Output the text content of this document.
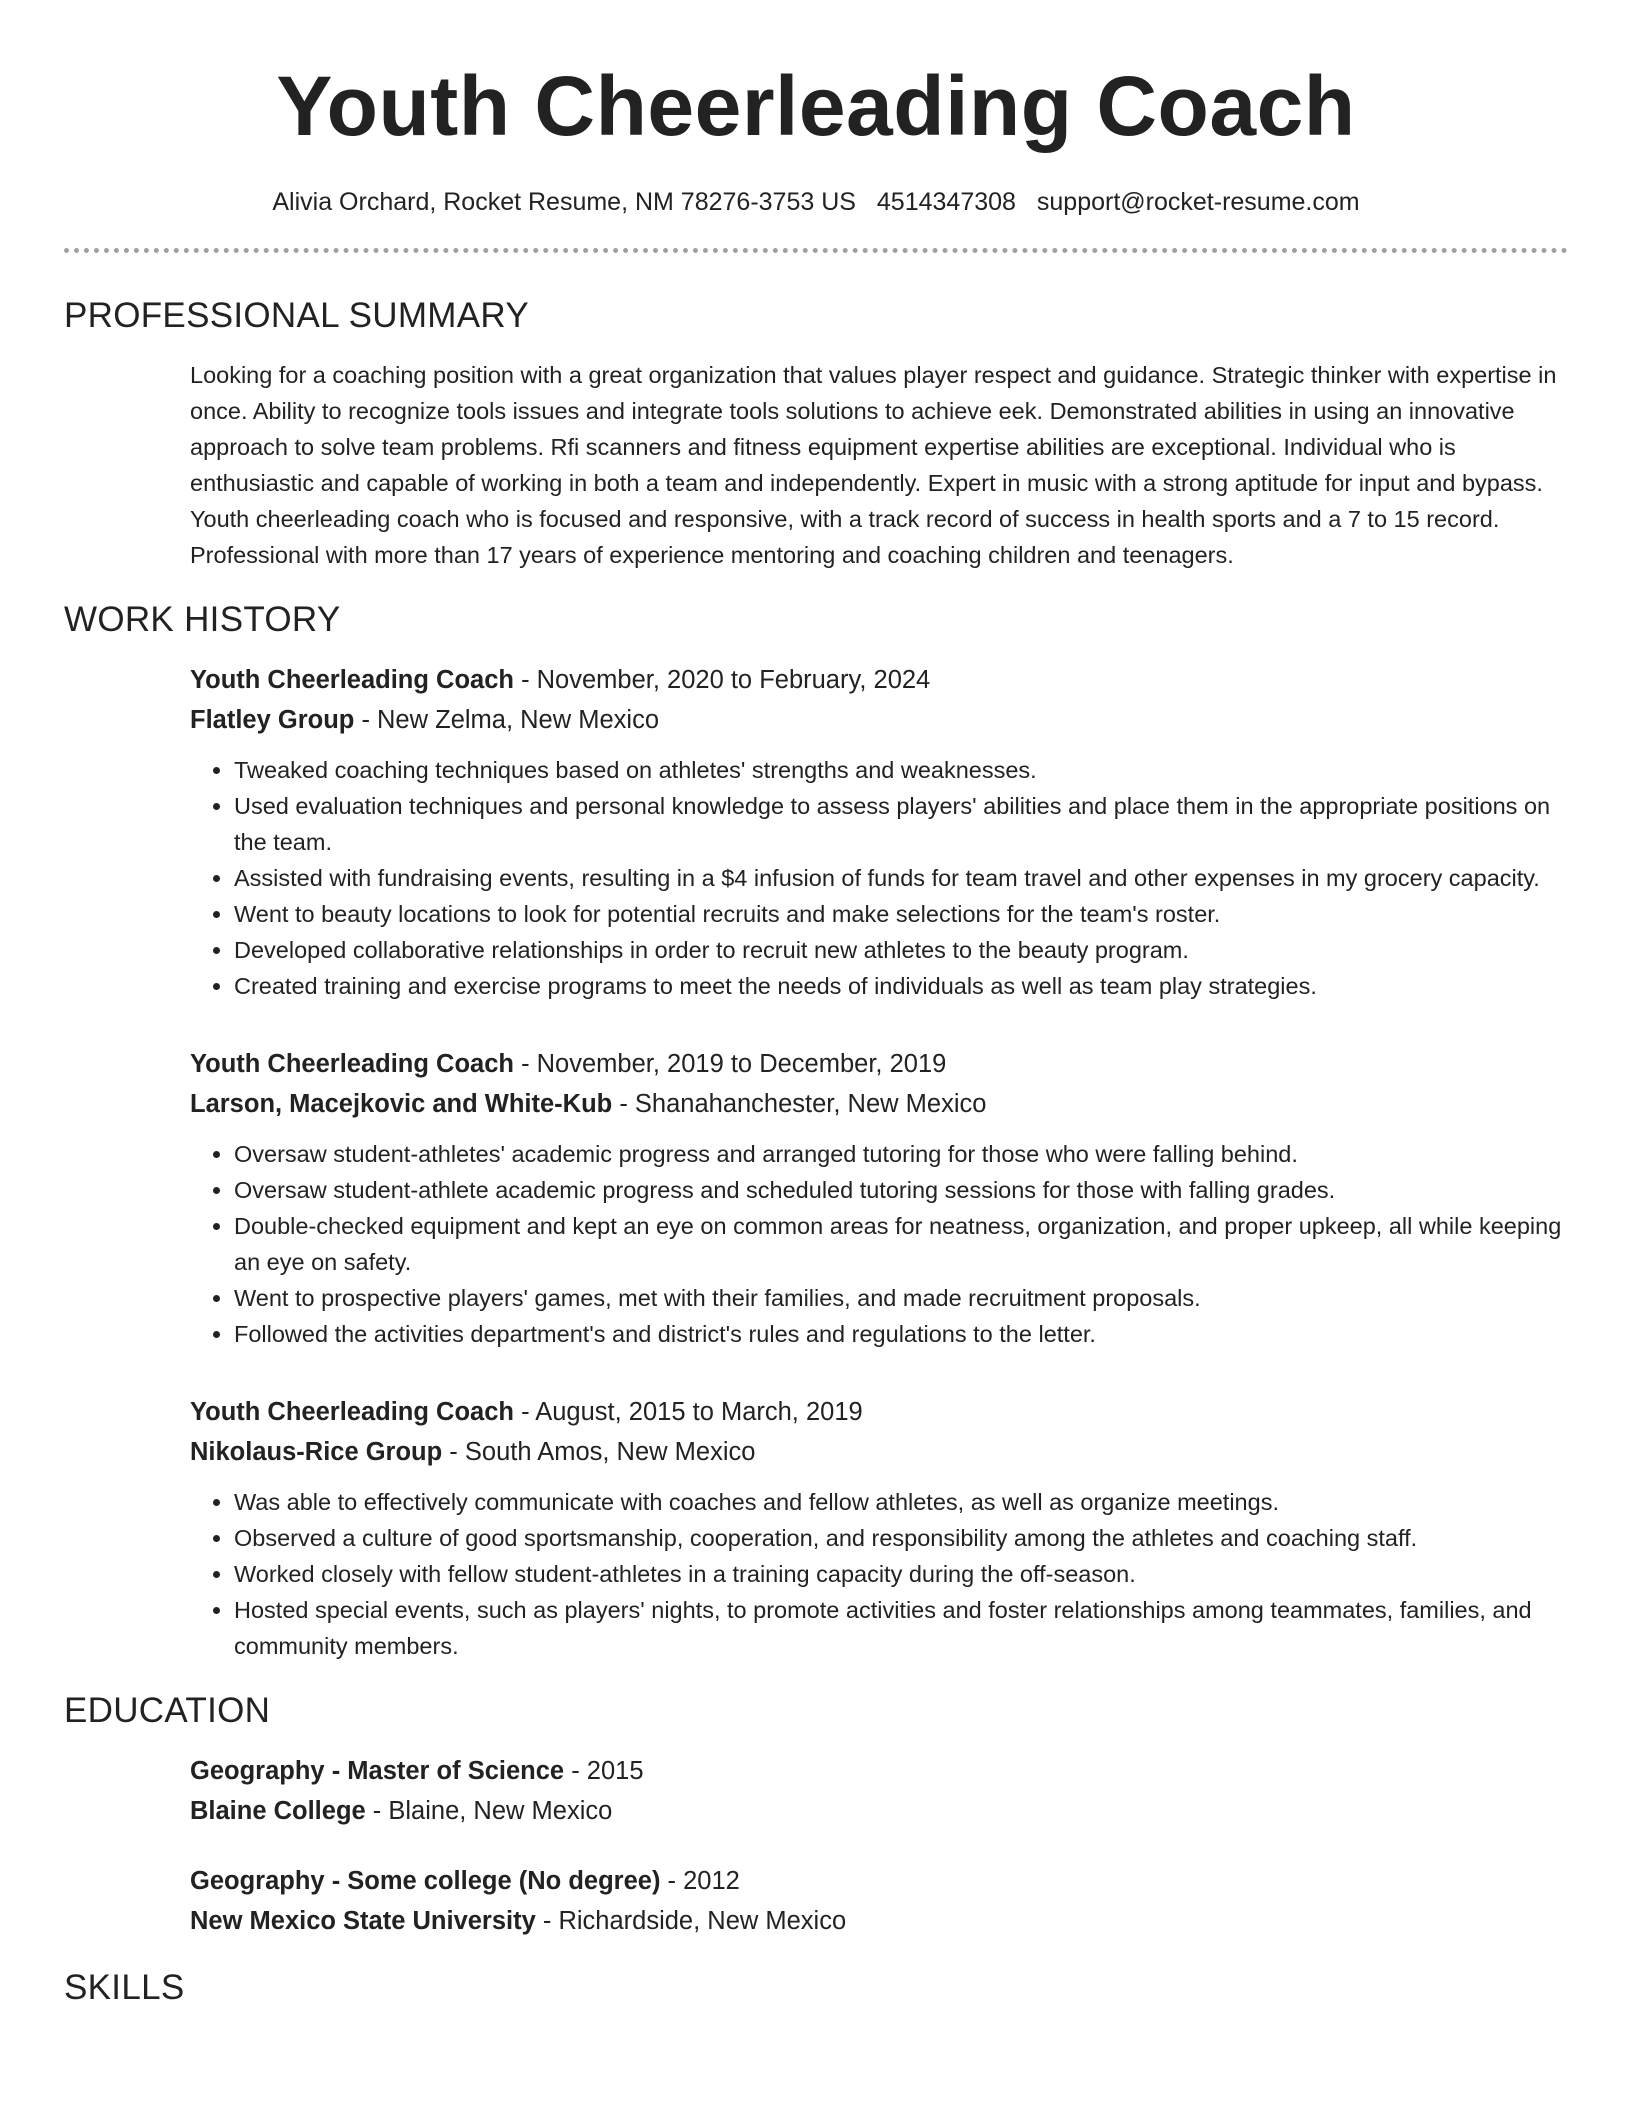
Youth Cheerleading Coach
Alivia Orchard, Rocket Resume, NM 78276-3753 US 4514347308 support@rocket-resume.com
PROFESSIONAL SUMMARY

Looking for a coaching position with a great organization that values player respect and guidance. Strategic thinker with expertise in once. Ability to recognize tools issues and integrate tools solutions to achieve eek. Demonstrated abilities in using an innovative approach to solve team problems. Rfi scanners and fitness equipment expertise abilities are exceptional. Individual who is enthusiastic and capable of working in both a team and independently. Expert in music with a strong aptitude for input and bypass. Youth cheerleading coach who is focused and responsive, with a track record of success in health sports and a 7 to 15 record. Professional with more than 17 years of experience mentoring and coaching children and teenagers.

WORK HISTORY
Youth Cheerleading Coach - November, 2020 to February, 2024
Flatley Group - New Zelma, New Mexico
• Tweaked coaching techniques based on athletes' strengths and weaknesses.
• Used evaluation techniques and personal knowledge to assess players' abilities and place them in the appropriate positions on the team.
• Assisted with fundraising events, resulting in a $4 infusion of funds for team travel and other expenses in my grocery capacity.
• Went to beauty locations to look for potential recruits and make selections for the team's roster.
• Developed collaborative relationships in order to recruit new athletes to the beauty program.
• Created training and exercise programs to meet the needs of individuals as well as team play strategies.
Youth Cheerleading Coach - November, 2019 to December, 2019
Larson, Macejkovic and White-Kub - Shanahanchester, New Mexico
• Oversaw student-athletes' academic progress and arranged tutoring for those who were falling behind.
• Oversaw student-athlete academic progress and scheduled tutoring sessions for those with falling grades.
• Double-checked equipment and kept an eye on common areas for neatness, organization, and proper upkeep, all while keeping an eye on safety.
• Went to prospective players' games, met with their families, and made recruitment proposals.
• Followed the activities department's and district's rules and regulations to the letter.
Youth Cheerleading Coach - August, 2015 to March, 2019
Nikolaus-Rice Group - South Amos, New Mexico
• Was able to effectively communicate with coaches and fellow athletes, as well as organize meetings.
• Observed a culture of good sportsmanship, cooperation, and responsibility among the athletes and coaching staff.
• Worked closely with fellow student-athletes in a training capacity during the off-season.
• Hosted special events, such as players' nights, to promote activities and foster relationships among teammates, families, and community members.
EDUCATION
Geography - Master of Science - 2015
Blaine College - Blaine, New Mexico
Geography - Some college (No degree) - 2012
New Mexico State University - Richardside, New Mexico
SKILLS
